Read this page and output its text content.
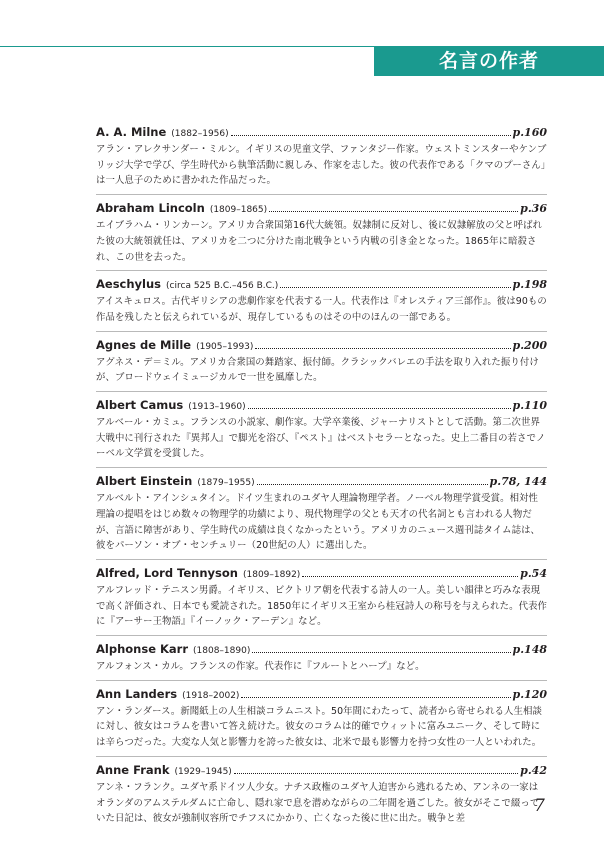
名言の作者
A. A. Milne (1882–1956)	p.160
アラン・アレクサンダー・ミルン。イギリスの児童文学、ファンタジー作家。ウェストミンスターやケンブリッジ大学で学び、学生時代から執筆活動に親しみ、作家を志した。彼の代表作である「クマのプーさん」は一人息子のために書かれた作品だった。
Abraham Lincoln (1809–1865)	p.36
エイブラハム・リンカーン。アメリカ合衆国第16代大統領。奴隷制に反対し、後に奴隷解放の父と呼ばれた彼の大統領就任は、アメリカを二つに分けた南北戦争という内戦の引き金となった。1865年に暗殺され、この世を去った。
Aeschylus (circa 525 B.C.–456 B.C.)	p.198
アイスキュロス。古代ギリシアの悲劇作家を代表する一人。代表作は『オレスティア三部作』。彼は90もの作品を残したと伝えられているが、現存しているものはその中のほんの一部である。
Agnes de Mille (1905–1993)	p.200
アグネス・デ＝ミル。アメリカ合衆国の舞踏家、振付師。クラシックバレエの手法を取り入れた振り付けが、ブロードウェイミュージカルで一世を風靡した。
Albert Camus (1913–1960)	p.110
アルベール・カミュ。フランスの小説家、劇作家。大学卒業後、ジャーナリストとして活動。第二次世界大戦中に刊行された『異邦人』で脚光を浴び、『ペスト』はベストセラーとなった。史上二番目の若さでノーベル文学賞を受賞した。
Albert Einstein (1879–1955)	p.78, 144
アルベルト・アインシュタイン。ドイツ生まれのユダヤ人理論物理学者。ノーベル物理学賞受賞。相対性理論の提唱をはじめ数々の物理学的功績により、現代物理学の父とも天才の代名詞とも言われる人物だが、言語に障害があり、学生時代の成績は良くなかったという。アメリカのニュース週刊誌タイム誌は、彼をパーソン・オブ・センチュリー（20世紀の人）に選出した。
Alfred, Lord Tennyson (1809–1892)	p.54
アルフレッド・テニスン男爵。イギリス、ビクトリア朝を代表する詩人の一人。美しい韻律と巧みな表現で高く評価され、日本でも愛読された。1850年にイギリス王室から桂冠詩人の称号を与えられた。代表作に『アーサー王物語』『イーノック・アーデン』など。
Alphonse Karr (1808–1890)	p.148
アルフォンス・カル。フランスの作家。代表作に『フルートとハープ』など。
Ann Landers (1918–2002)	p.120
アン・ランダース。新聞紙上の人生相談コラムニスト。50年間にわたって、読者から寄せられる人生相談に対し、彼女はコラムを書いて答え続けた。彼女のコラムは的確でウィットに富みユニーク、そして時には辛らつだった。大変な人気と影響力を誇った彼女は、北米で最も影響力を持つ女性の一人といわれた。
Anne Frank (1929–1945)	p.42
アンネ・フランク。ユダヤ系ドイツ人少女。ナチス政権のユダヤ人迫害から逃れるため、アンネの一家はオランダのアムステルダムに亡命し、隠れ家で息を潜めながらの二年間を過ごした。彼女がそこで綴っていた日記は、彼女が強制収容所でチフスにかかり、亡くなった後に世に出た。戦争と差
7
